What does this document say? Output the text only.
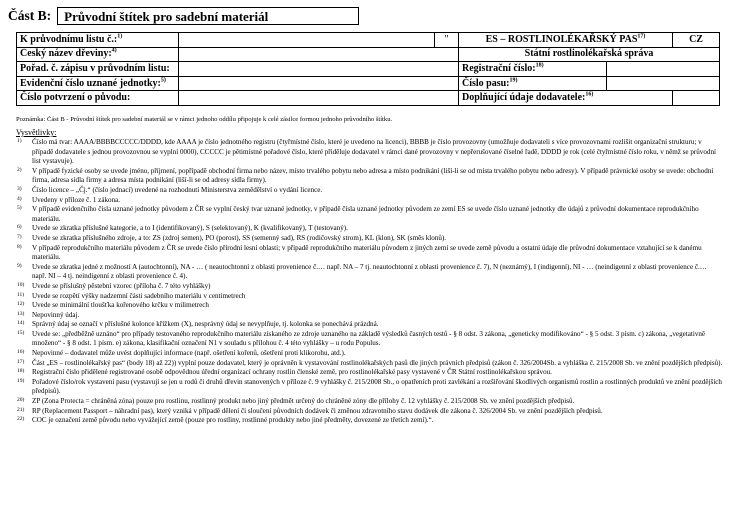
Část B:	Průvodní štítek pro sadební materiál
K průvodnímu listu č.:$^{1)}$		"	ES – ROSTLINOLÉKAŘSKÝ PAS$^{17)}$		CZ
Český název dřeviny:$^{4)}$			Státní rostlinolékařská správa		
Pořad. č. zápisu v průvodním listu:			Registrační číslo:$^{18)}$	
Evidenční číslo uznané jednotky:$^{5)}$			Číslo pasu:$^{19)}$	
Číslo potvrzení o původu:			Doplňující údaje dodavatele:$^{16)}$	
Poznámka: Část B - Průvodní štítek pro sadební materiál se v rámci jednoho oddílu připojuje k celé zásilce formou jednoho průvodního štítku.
Vysvětlivky:
1) Číslo má tvar: AAAA/BBBBCCCCC/DDDD, kde AAAA je číslo jednotného registru (čtyřmístné číslo, které je uvedeno na licenci), BBBB je číslo provozovny (umožňuje dodavateli s více provozovnami rozlišit organizační strukturu; v případě dodavatele s jednou provozovnou se vyplní 0000), CCCCC je pětimístné pořadové číslo, které přiděluje dodavatel v rámci dané provozovny v nepřerušované číselné řadě, DDDD je rok (celé čtyřmístné číslo roku, v němž se průvodní list vystavuje).
2) V případě fyzické osoby se uvede jméno, příjmení, popřípadě obchodní firma nebo název, místo trvalého pobytu nebo adresa a místo podnikání (liší-li se od místa trvalého pobytu nebo adresy). V případě právnické osoby se uvede: obchodní firma, adresa sídla firmy a adresa místa podnikání (liší-li se od adresy sídla firmy).
3) Číslo licence – „Čj.“ (číslo jednací) uvedené na rozhodnutí Ministerstva zemědělství o vydání licence.
4) Uvedeny v příloze č. 1 zákona.
5) V případě evidenčního čísla uznané jednotky původem z ČR se vyplní český tvar uznané jednotky, v případě čísla uznané jednotky původem ze zemí ES se uvede číslo uznané jednotky dle údajů z průvodní dokumentace reprodukčního materiálu.
6) Uvede se zkratka příslušné kategorie, a to I (identifikovaný), S (selektovaný), K (kvalifikovaný), T (testovaný).
7) Uvede se zkratka příslušného zdroje, a to: ZS (zdroj semen), PO (porost), SS (semenný sad), RS (rodičovský strom), KL (klon), SK (směs klonů).
8) V případě reprodukčního materiálu původem z ČR se uvede číslo přírodní lesní oblasti; v případě reprodukčního materiálu původem z jiných zemí se uvede země původu a ostatní údaje dle průvodní dokumentace vztahující se k danému materiálu.
9) Uvede se zkratka jedné z možností A (autochtonní), NA - … ( neautochtonní z oblasti provenience č.… např. NA – 7 tj. neautochtonní z oblasti provenience č. 7), N (neznámý), I (indigenní), NI - … (neindigenní z oblasti provenience č.… např. NI – 4 tj. neindigenní z oblasti provenience č. 4).
10) Uvede se příslušný pěstební vzorec (příloha č. 7 této vyhlášky)
11) Uvede se rozpětí výšky nadzemní části sadebního materiálu v centimetrech
12) Uvede se minimální tloušťka kořenového krčku v milimetrech
13) Nepovinný údaj.
14) Správný údaj se označí v příslušné kolonce křížkem (X), nesprávný údaj se nevyplňuje, tj. kolonka se ponechává prázdná.
15) Uvede se: „předběžně uznáno“ pro případy testovaného reprodukčního materiálu získaného ze zdroje uznaného na základě výsledků časných testů - § 8 odst. 3 zákona, „geneticky modifikováno“ - § 5 odst. 3 písm. c) zákona, „vegetativně množeno“ - § 8 odst. 1 písm. e) zákona, klasifikační označení N1 v souladu s přílohou č. 4 této vyhlášky – u rodu Populus.
16) Nepovinné – dodavatel může uvést doplňující informace (např. ošetření kořenů, ošetření proti klikorohu, atd.).
17) Část „ES – rostlinolékařský pas“ (body 18) až 22)) vyplní pouze dodavatel, který je oprávněn k vystavování rostlinolékařských pasů dle jiných právních předpisů (zákon č. 326/2004Sb. a vyhláška č. 215/2008 Sb. ve znění pozdějších předpisů).
18) Registrační číslo přidělené registrované osobě odpovědnou úřední organizací ochrany rostlin členské země, pro rostlinolékařské pasy vystavené v ČR Státní rostlinolékařskou správou.
19) Pořadové číslo/rok vystavení pasu (vystavují se jen u rodů či druhů dřevin stanovených v příloze č. 9 vyhlášky č. 215/2008 Sb., o opatřeních proti zavlékání a rozšiřování škodlivých organismů rostlin a rostlinných produktů ve znění pozdějších předpisů).
20) ZP (Zona Protecta = chráněná zóna) pouze pro rostlinu, rostlinný produkt nebo jiný předmět určený do chráněné zóny dle přílohy č. 12 vyhlášky č. 215/2008 Sb. ve znění pozdějších předpisů.
21) RP (Replacement Passport – náhradní pas), který vzniká v případě dělení či sloučení původních dodávek či změnou zdravotního stavu dodávek dle zákona č. 326/2004 Sb. ve znění pozdějších předpisů.
22) COC je označení země původu nebo vyvážející země (pouze pro rostliny, rostlinné produkty nebo jiné předměty, dovezené ze třetích zemí).“.
